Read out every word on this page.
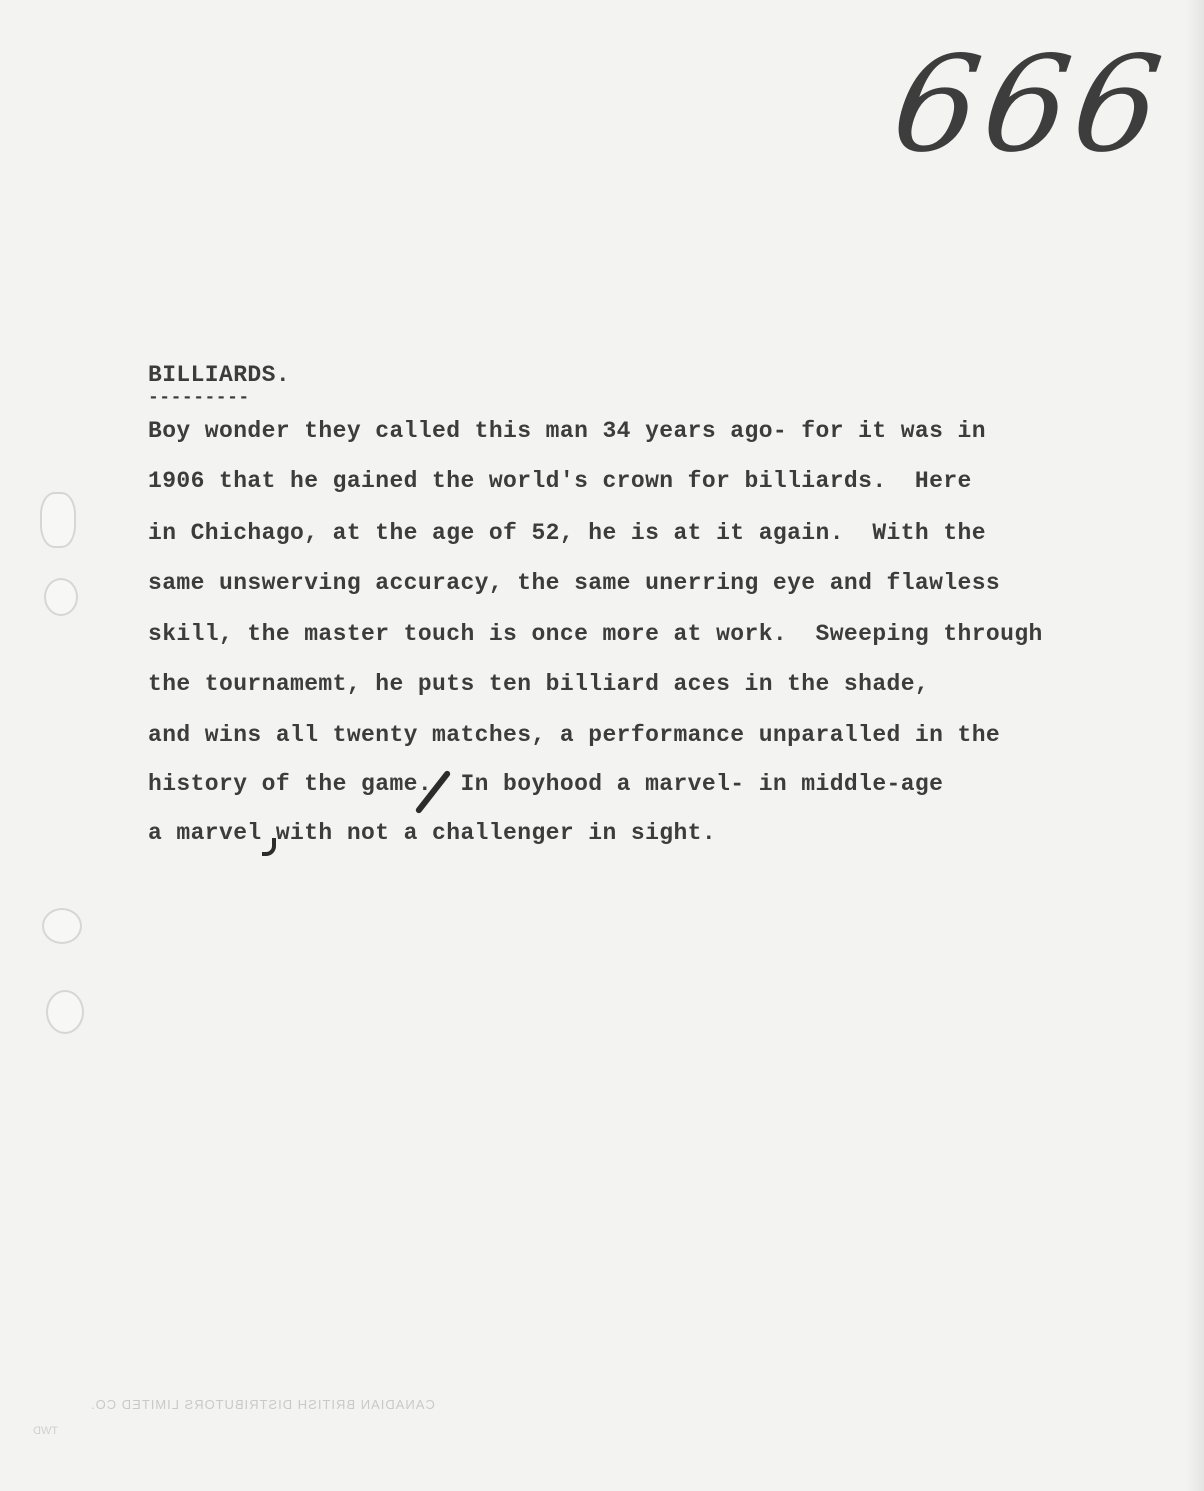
666
BILLIARDS.
---------
Boy wonder they called this man 34 years ago- for it was in
1906 that he gained the world's crown for billiards.  Here
in Chichago, at the age of 52, he is at it again.  With the
same unswerving accuracy, the same unerring eye and flawless
skill, the master touch is once more at work.  Sweeping through
the tournamemt, he puts ten billiard aces in the shade,
and wins all twenty matches, a performance unparalled in the
history of the game.  In boyhood a marvel- in middle-age
a marvel with not a challenger in sight.
CANADIAN BRITISH DISTRIBUTORS LIMITED CO.
TWD
